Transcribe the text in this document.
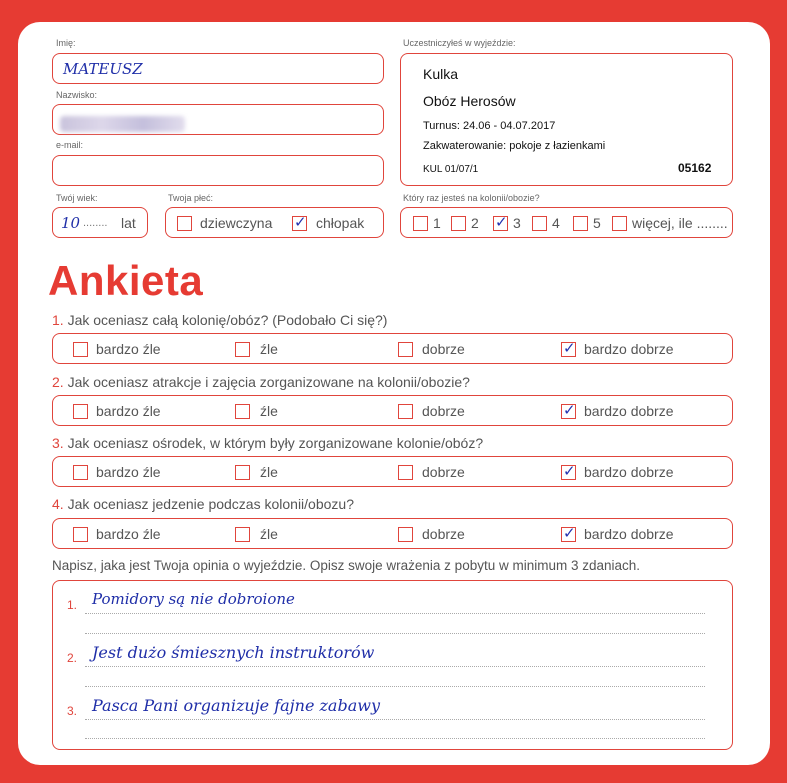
Imię:
MATEUSZ
Nazwisko:
e-mail:
Twój wiek:
10 ........ lat
Twoja płeć:
dziewczyna ✓ chłopak
Uczestniczyłeś w wyjeździe:
Kulka
Obóz Herosów
Turnus: 24.06 - 04.07.2017
Zakwaterowanie: pokoje z łazienkami
KUL 01/07/1	05162
Który raz jesteś na kolonii/obozie?
1 2 ✓ 3 4 5 więcej, ile ........
Ankieta
1. Jak oceniasz całą kolonię/obóz? (Podobało Ci się?)
bardzo źle	źle	dobrze	✓ bardzo dobrze
2. Jak oceniasz atrakcje i zajęcia zorganizowane na kolonii/obozie?
bardzo źle	źle	dobrze	✓ bardzo dobrze
3. Jak oceniasz ośrodek, w którym były zorganizowane kolonie/obóz?
bardzo źle	źle	dobrze	✓ bardzo dobrze
4. Jak oceniasz jedzenie podczas kolonii/obozu?
bardzo źle	źle	dobrze	✓ bardzo dobrze
Napisz, jaka jest Twoja opinia o wyjeździe. Opisz swoje wrażenia z pobytu w minimum 3 zdaniach.
1. Pomidory są nie dobroione
2. Jest dużo śmiesznych instruktorów
3. Pasca Pani organizuje fajne zabawy
